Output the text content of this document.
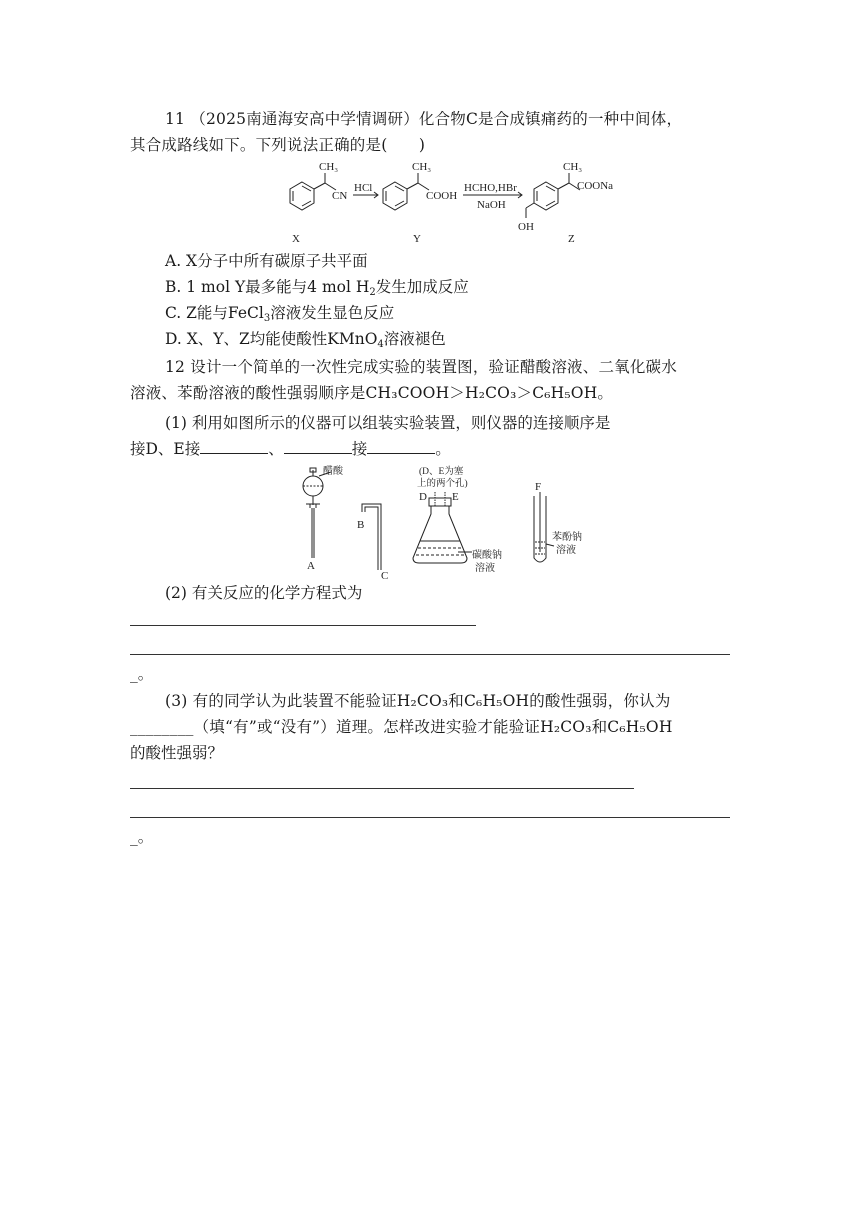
11 （2025南通海安高中学情调研）化合物C是合成镇痛药的一种中间体，
其合成路线如下。下列说法正确的是(　　)
CH₃
CN
HCl
CH₃
COOH
HCHO,HBr
NaOH
CH₃
COONa
OH
X	Y	Z
A. X分子中所有碳原子共平面
B. 1 mol Y最多能与4 mol $H_2$发生加成反应
C. Z能与FeCl$_3$溶液发生显色反应
D. X、Y、Z均能使酸性KMnO$_4$溶液褪色
12 设计一个简单的一次性完成实验的装置图，验证醋酸溶液、二氧化碳水
溶液、苯酚溶液的酸性强弱顺序是CH₃COOH＞H₂CO₃＞C₆H₅OH。
(1) 利用如图所示的仪器可以组装实验装置，则仪器的连接顺序是
接D、E接	、	接	。
醋酸
A
B
C
(D、E为塞
上的两个孔)
D E
碳酸钠
溶液
F
苯酚钠
溶液
(2) 有关反应的化学方程式为
_。
(3) 有的同学认为此装置不能验证H₂CO₃和C₆H₅OH的酸性强弱，你认为
________（填“有”或“没有”）道理。怎样改进实验才能验证H₂CO₃和C₆H₅OH
的酸性强弱？
_。
